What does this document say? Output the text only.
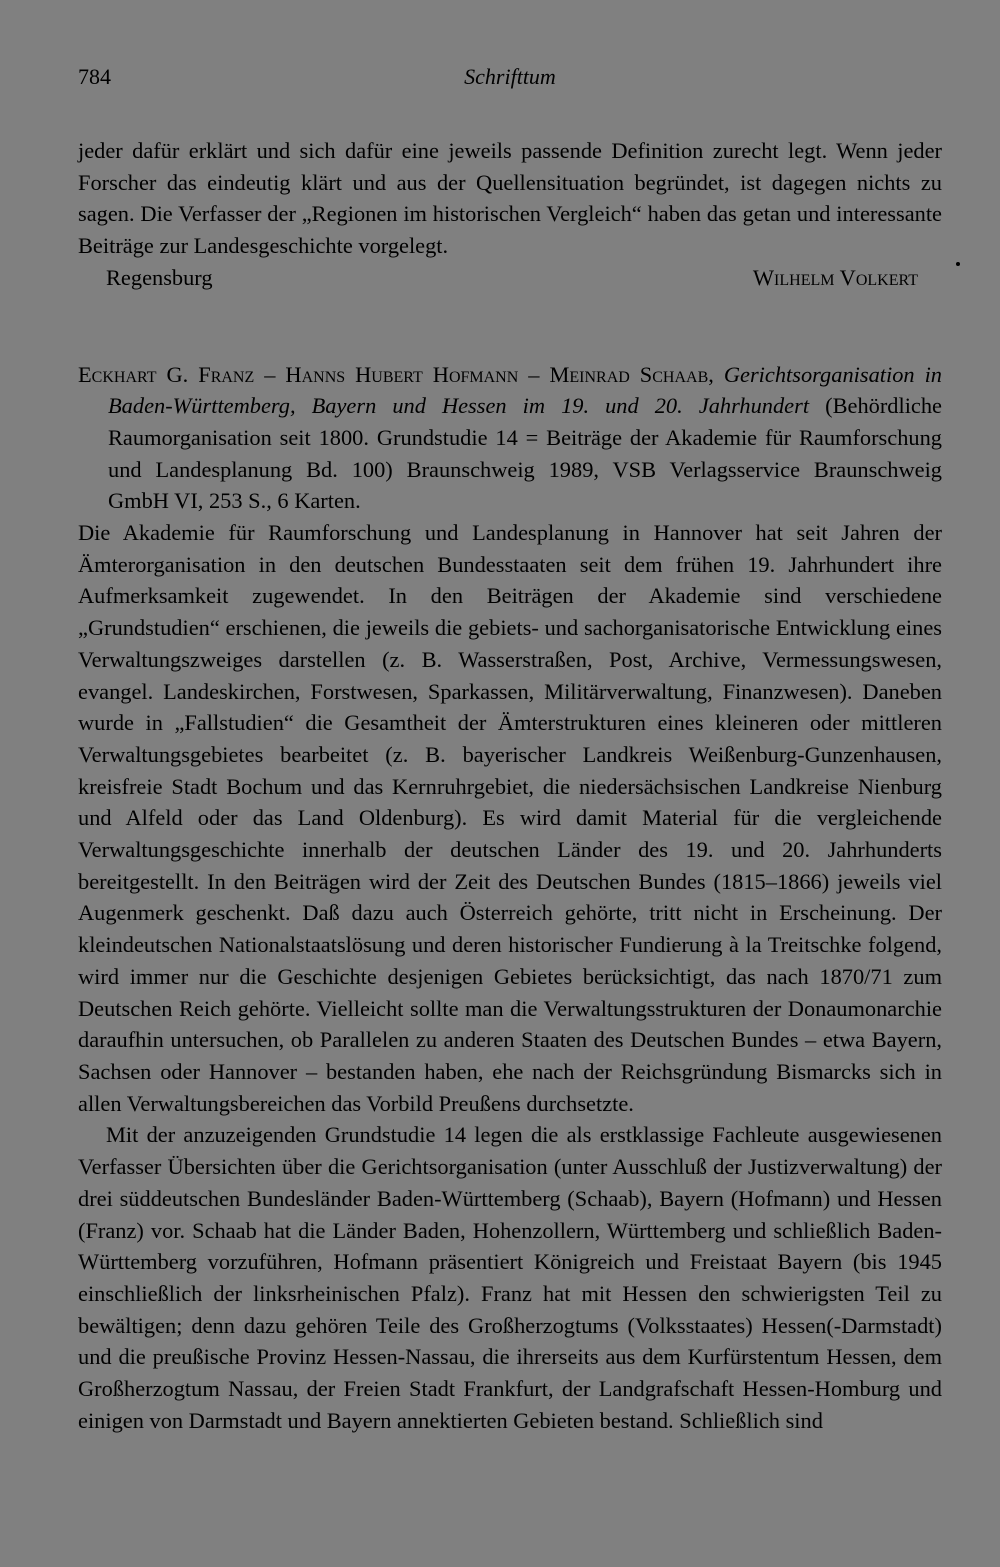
784	Schrifttum

jeder dafür erklärt und sich dafür eine jeweils passende Definition zurecht legt. Wenn jeder Forscher das eindeutig klärt und aus der Quellensituation begründet, ist dagegen nichts zu sagen. Die Verfasser der „Regionen im historischen Vergleich“ haben das getan und interessante Beiträge zur Landesgeschichte vorgelegt.

Regensburg	Wilhelm Volkert

Eckhart G. Franz – Hanns Hubert Hofmann – Meinrad Schaab, Gerichtsorganisation in Baden-Württemberg, Bayern und Hessen im 19. und 20. Jahrhundert (Behördliche Raumorganisation seit 1800. Grundstudie 14 = Beiträge der Akademie für Raumforschung und Landesplanung Bd. 100) Braunschweig 1989, VSB Verlagsservice Braunschweig GmbH VI, 253 S., 6 Karten.

Die Akademie für Raumforschung und Landesplanung in Hannover hat seit Jahren der Ämterorganisation in den deutschen Bundesstaaten seit dem frühen 19. Jahrhundert ihre Aufmerksamkeit zugewendet. In den Beiträgen der Akademie sind verschiedene „Grundstudien“ erschienen, die jeweils die gebiets- und sachorganisatorische Entwicklung eines Verwaltungszweiges darstellen (z. B. Wasserstraßen, Post, Archive, Vermessungswesen, evangel. Landeskirchen, Forstwesen, Sparkassen, Militärverwaltung, Finanzwesen). Daneben wurde in „Fallstudien“ die Gesamtheit der Ämterstrukturen eines kleineren oder mittleren Verwaltungsgebietes bearbeitet (z. B. bayerischer Landkreis Weißenburg-Gunzenhausen, kreisfreie Stadt Bochum und das Kernruhrgebiet, die niedersächsischen Landkreise Nienburg und Alfeld oder das Land Oldenburg). Es wird damit Material für die vergleichende Verwaltungsgeschichte innerhalb der deutschen Länder des 19. und 20. Jahrhunderts bereitgestellt. In den Beiträgen wird der Zeit des Deutschen Bundes (1815–1866) jeweils viel Augenmerk geschenkt. Daß dazu auch Österreich gehörte, tritt nicht in Erscheinung. Der kleindeutschen Nationalstaatslösung und deren historischer Fundierung à la Treitschke folgend, wird immer nur die Geschichte desjenigen Gebietes berücksichtigt, das nach 1870/71 zum Deutschen Reich gehörte. Vielleicht sollte man die Verwaltungsstrukturen der Donaumonarchie daraufhin untersuchen, ob Parallelen zu anderen Staaten des Deutschen Bundes – etwa Bayern, Sachsen oder Hannover – bestanden haben, ehe nach der Reichsgründung Bismarcks sich in allen Verwaltungsbereichen das Vorbild Preußens durchsetzte.

Mit der anzuzeigenden Grundstudie 14 legen die als erstklassige Fachleute ausgewiesenen Verfasser Übersichten über die Gerichtsorganisation (unter Ausschluß der Justizverwaltung) der drei süddeutschen Bundesländer Baden-Württemberg (Schaab), Bayern (Hofmann) und Hessen (Franz) vor. Schaab hat die Länder Baden, Hohenzollern, Württemberg und schließlich Baden-Württemberg vorzuführen, Hofmann präsentiert Königreich und Freistaat Bayern (bis 1945 einschließlich der linksrheinischen Pfalz). Franz hat mit Hessen den schwierigsten Teil zu bewältigen; denn dazu gehören Teile des Großherzogtums (Volksstaates) Hessen(-Darmstadt) und die preußische Provinz Hessen-Nassau, die ihrerseits aus dem Kurfürstentum Hessen, dem Großherzogtum Nassau, der Freien Stadt Frankfurt, der Landgrafschaft Hessen-Homburg und einigen von Darmstadt und Bayern annektierten Gebieten bestand. Schließlich sind
